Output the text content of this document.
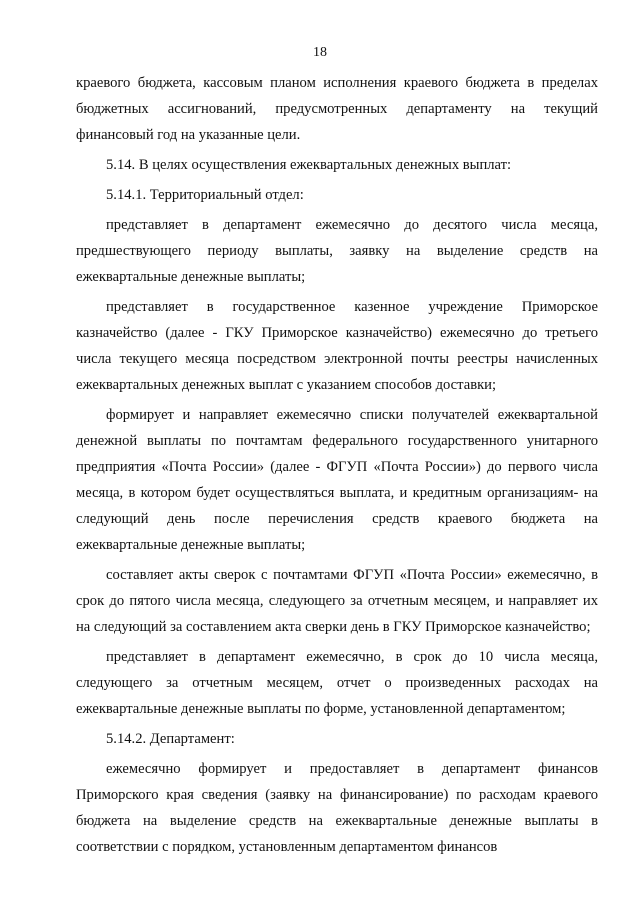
18

краевого бюджета, кассовым планом исполнения краевого бюджета в пределах бюджетных ассигнований, предусмотренных департаменту на текущий финансовый год на указанные цели.

5.14. В целях осуществления ежеквартальных денежных выплат:

5.14.1. Территориальный отдел:

представляет в департамент ежемесячно до десятого числа месяца, предшествующего периоду выплаты, заявку на выделение средств на ежеквартальные денежные выплаты;

представляет в государственное казенное учреждение Приморское казначейство (далее - ГКУ Приморское казначейство) ежемесячно до третьего числа текущего месяца посредством электронной почты реестры начисленных ежеквартальных денежных выплат с указанием способов доставки;

формирует и направляет ежемесячно списки получателей ежеквартальной денежной выплаты по почтамтам федерального государственного унитарного предприятия «Почта России» (далее - ФГУП «Почта России») до первого числа месяца, в котором будет осуществляться выплата, и кредитным организациям- на следующий день после перечисления средств краевого бюджета на ежеквартальные денежные выплаты;

составляет акты сверок с почтамтами ФГУП «Почта России» ежемесячно, в срок до пятого числа месяца, следующего за отчетным месяцем, и направляет их на следующий за составлением акта сверки день в ГКУ Приморское казначейство;

представляет в департамент ежемесячно, в срок до 10 числа месяца, следующего за отчетным месяцем, отчет о произведенных расходах на ежеквартальные денежные выплаты по форме, установленной департаментом;

5.14.2. Департамент:

ежемесячно формирует и предоставляет в департамент финансов Приморского края сведения (заявку на финансирование) по расходам краевого бюджета на выделение средств на ежеквартальные денежные выплаты в соответствии с порядком, установленным департаментом финансов
